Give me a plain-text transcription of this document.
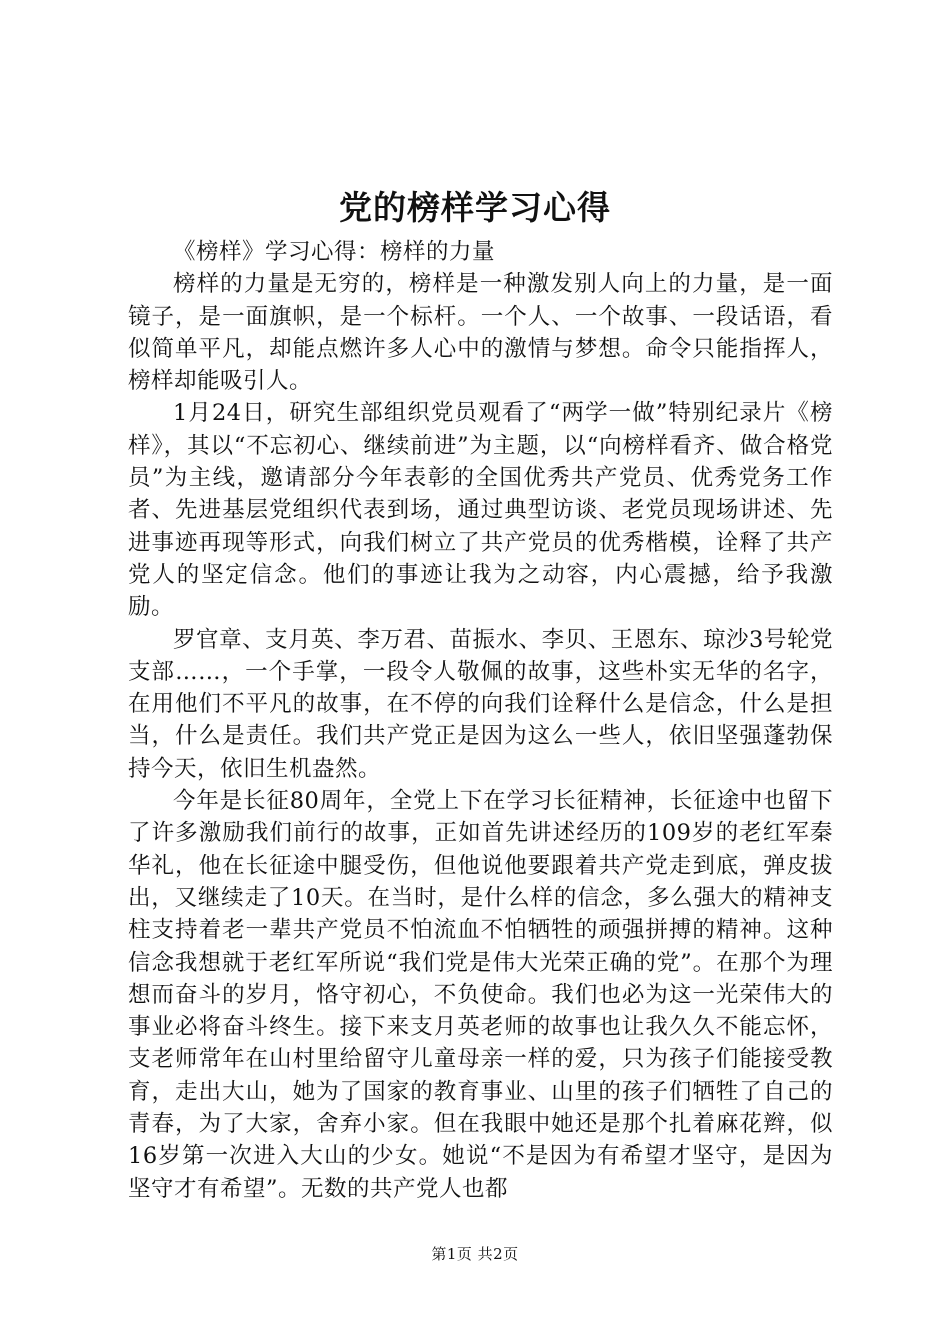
党的榜样学习心得

《榜样》学习心得：榜样的力量

榜样的力量是无穷的，榜样是一种激发别人向上的力量，是一面镜子，是一面旗帜，是一个标杆。一个人、一个故事、一段话语，看似简单平凡，却能点燃许多人心中的激情与梦想。命令只能指挥人，榜样却能吸引人。

1月24日，研究生部组织党员观看了“两学一做”特别纪录片《榜样》，其以“不忘初心、继续前进”为主题，以“向榜样看齐、做合格党员”为主线，邀请部分今年表彰的全国优秀共产党员、优秀党务工作者、先进基层党组织代表到场，通过典型访谈、老党员现场讲述、先进事迹再现等形式，向我们树立了共产党员的优秀楷模，诠释了共产党人的坚定信念。他们的事迹让我为之动容，内心震撼，给予我激励。

罗官章、支月英、李万君、苗振水、李贝、王恩东、琼沙3号轮党支部……，一个手掌，一段令人敬佩的故事，这些朴实无华的名字，在用他们不平凡的故事，在不停的向我们诠释什么是信念，什么是担当，什么是责任。我们共产党正是因为这么一些人，依旧坚强蓬勃保持今天，依旧生机盎然。

今年是长征80周年，全党上下在学习长征精神，长征途中也留下了许多激励我们前行的故事，正如首先讲述经历的109岁的老红军秦华礼，他在长征途中腿受伤，但他说他要跟着共产党走到底，弹皮拔出，又继续走了10天。在当时，是什么样的信念，多么强大的精神支柱支持着老一辈共产党员不怕流血不怕牺牲的顽强拼搏的精神。这种信念我想就于老红军所说“我们党是伟大光荣正确的党”。在那个为理想而奋斗的岁月，恪守初心，不负使命。我们也必为这一光荣伟大的事业必将奋斗终生。接下来支月英老师的故事也让我久久不能忘怀，支老师常年在山村里给留守儿童母亲一样的爱，只为孩子们能接受教育，走出大山，她为了国家的教育事业、山里的孩子们牺牲了自己的青春，为了大家，舍弃小家。但在我眼中她还是那个扎着麻花辫，似16岁第一次进入大山的少女。她说“不是因为有希望才坚守，是因为坚守才有希望”。无数的共产党人也都

第1页 共2页
